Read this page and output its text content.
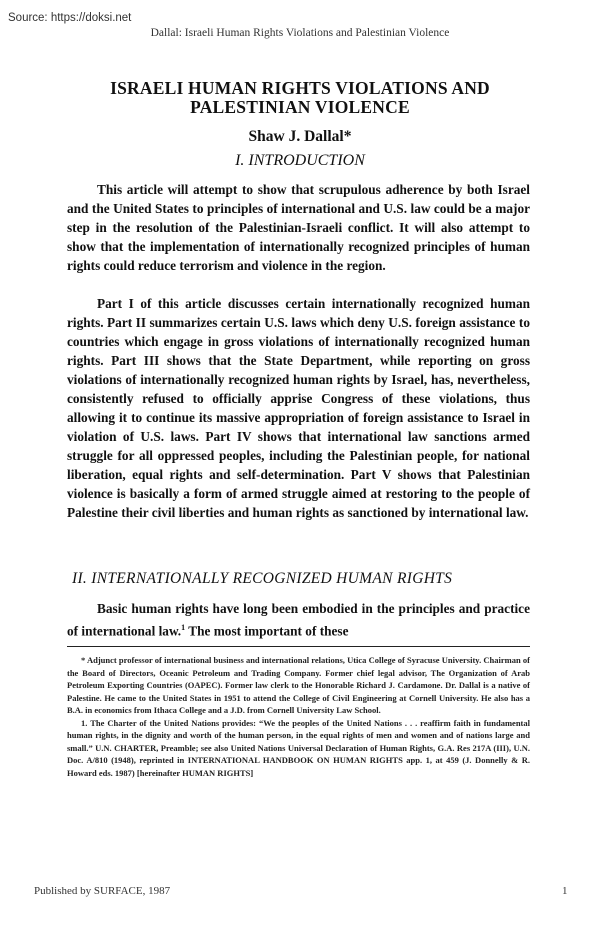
Source: https://doksi.net
Dallal: Israeli Human Rights Violations and Palestinian Violence
ISRAELI HUMAN RIGHTS VIOLATIONS AND PALESTINIAN VIOLENCE
Shaw J. Dallal*
I. INTRODUCTION

This article will attempt to show that scrupulous adherence by both Israel and the United States to principles of international and U.S. law could be a major step in the resolution of the Palestinian-Israeli conflict. It will also attempt to show that the implementation of internationally recognized principles of human rights could reduce terrorism and violence in the region.

Part I of this article discusses certain internationally recognized human rights. Part II summarizes certain U.S. laws which deny U.S. foreign assistance to countries which engage in gross violations of internationally recognized human rights. Part III shows that the State Department, while reporting on gross violations of internationally recognized human rights by Israel, has, nevertheless, consistently refused to officially apprise Congress of these violations, thus allowing it to continue its massive appropriation of foreign assistance to Israel in violation of U.S. laws. Part IV shows that international law sanctions armed struggle for all oppressed peoples, including the Palestinian people, for national liberation, equal rights and self-determination. Part V shows that Palestinian violence is basically a form of armed struggle aimed at restoring to the people of Palestine their civil liberties and human rights as sanctioned by international law.

II. INTERNATIONALLY RECOGNIZED HUMAN RIGHTS

Basic human rights have long been embodied in the principles and practice of international law.$^1$ The most important of these

* Adjunct professor of international business and international relations, Utica College of Syracuse University. Chairman of the Board of Directors, Oceanic Petroleum and Trading Company. Former chief legal advisor, The Organization of Arab Petroleum Exporting Countries (OAPEC). Former law clerk to the Honorable Richard J. Cardamone. Dr. Dallal is a native of Palestine. He came to the United States in 1951 to attend the College of Civil Engineering at Cornell University. He also has a B.A. in economics from Ithaca College and a J.D. from Cornell University Law School.

1. The Charter of the United Nations provides: “We the peoples of the United Nations . . . reaffirm faith in fundamental human rights, in the dignity and worth of the human person, in the equal rights of men and women and of nations large and small.” U.N. CHARTER, Preamble; see also United Nations Universal Declaration of Human Rights, G.A. Res 217A (III), U.N. Doc. A/810 (1948), reprinted in INTERNATIONAL HANDBOOK ON HUMAN RIGHTS app. 1, at 459 (J. Donnelly & R. Howard eds. 1987) [hereinafter HUMAN RIGHTS]

Published by SURFACE, 1987	1
